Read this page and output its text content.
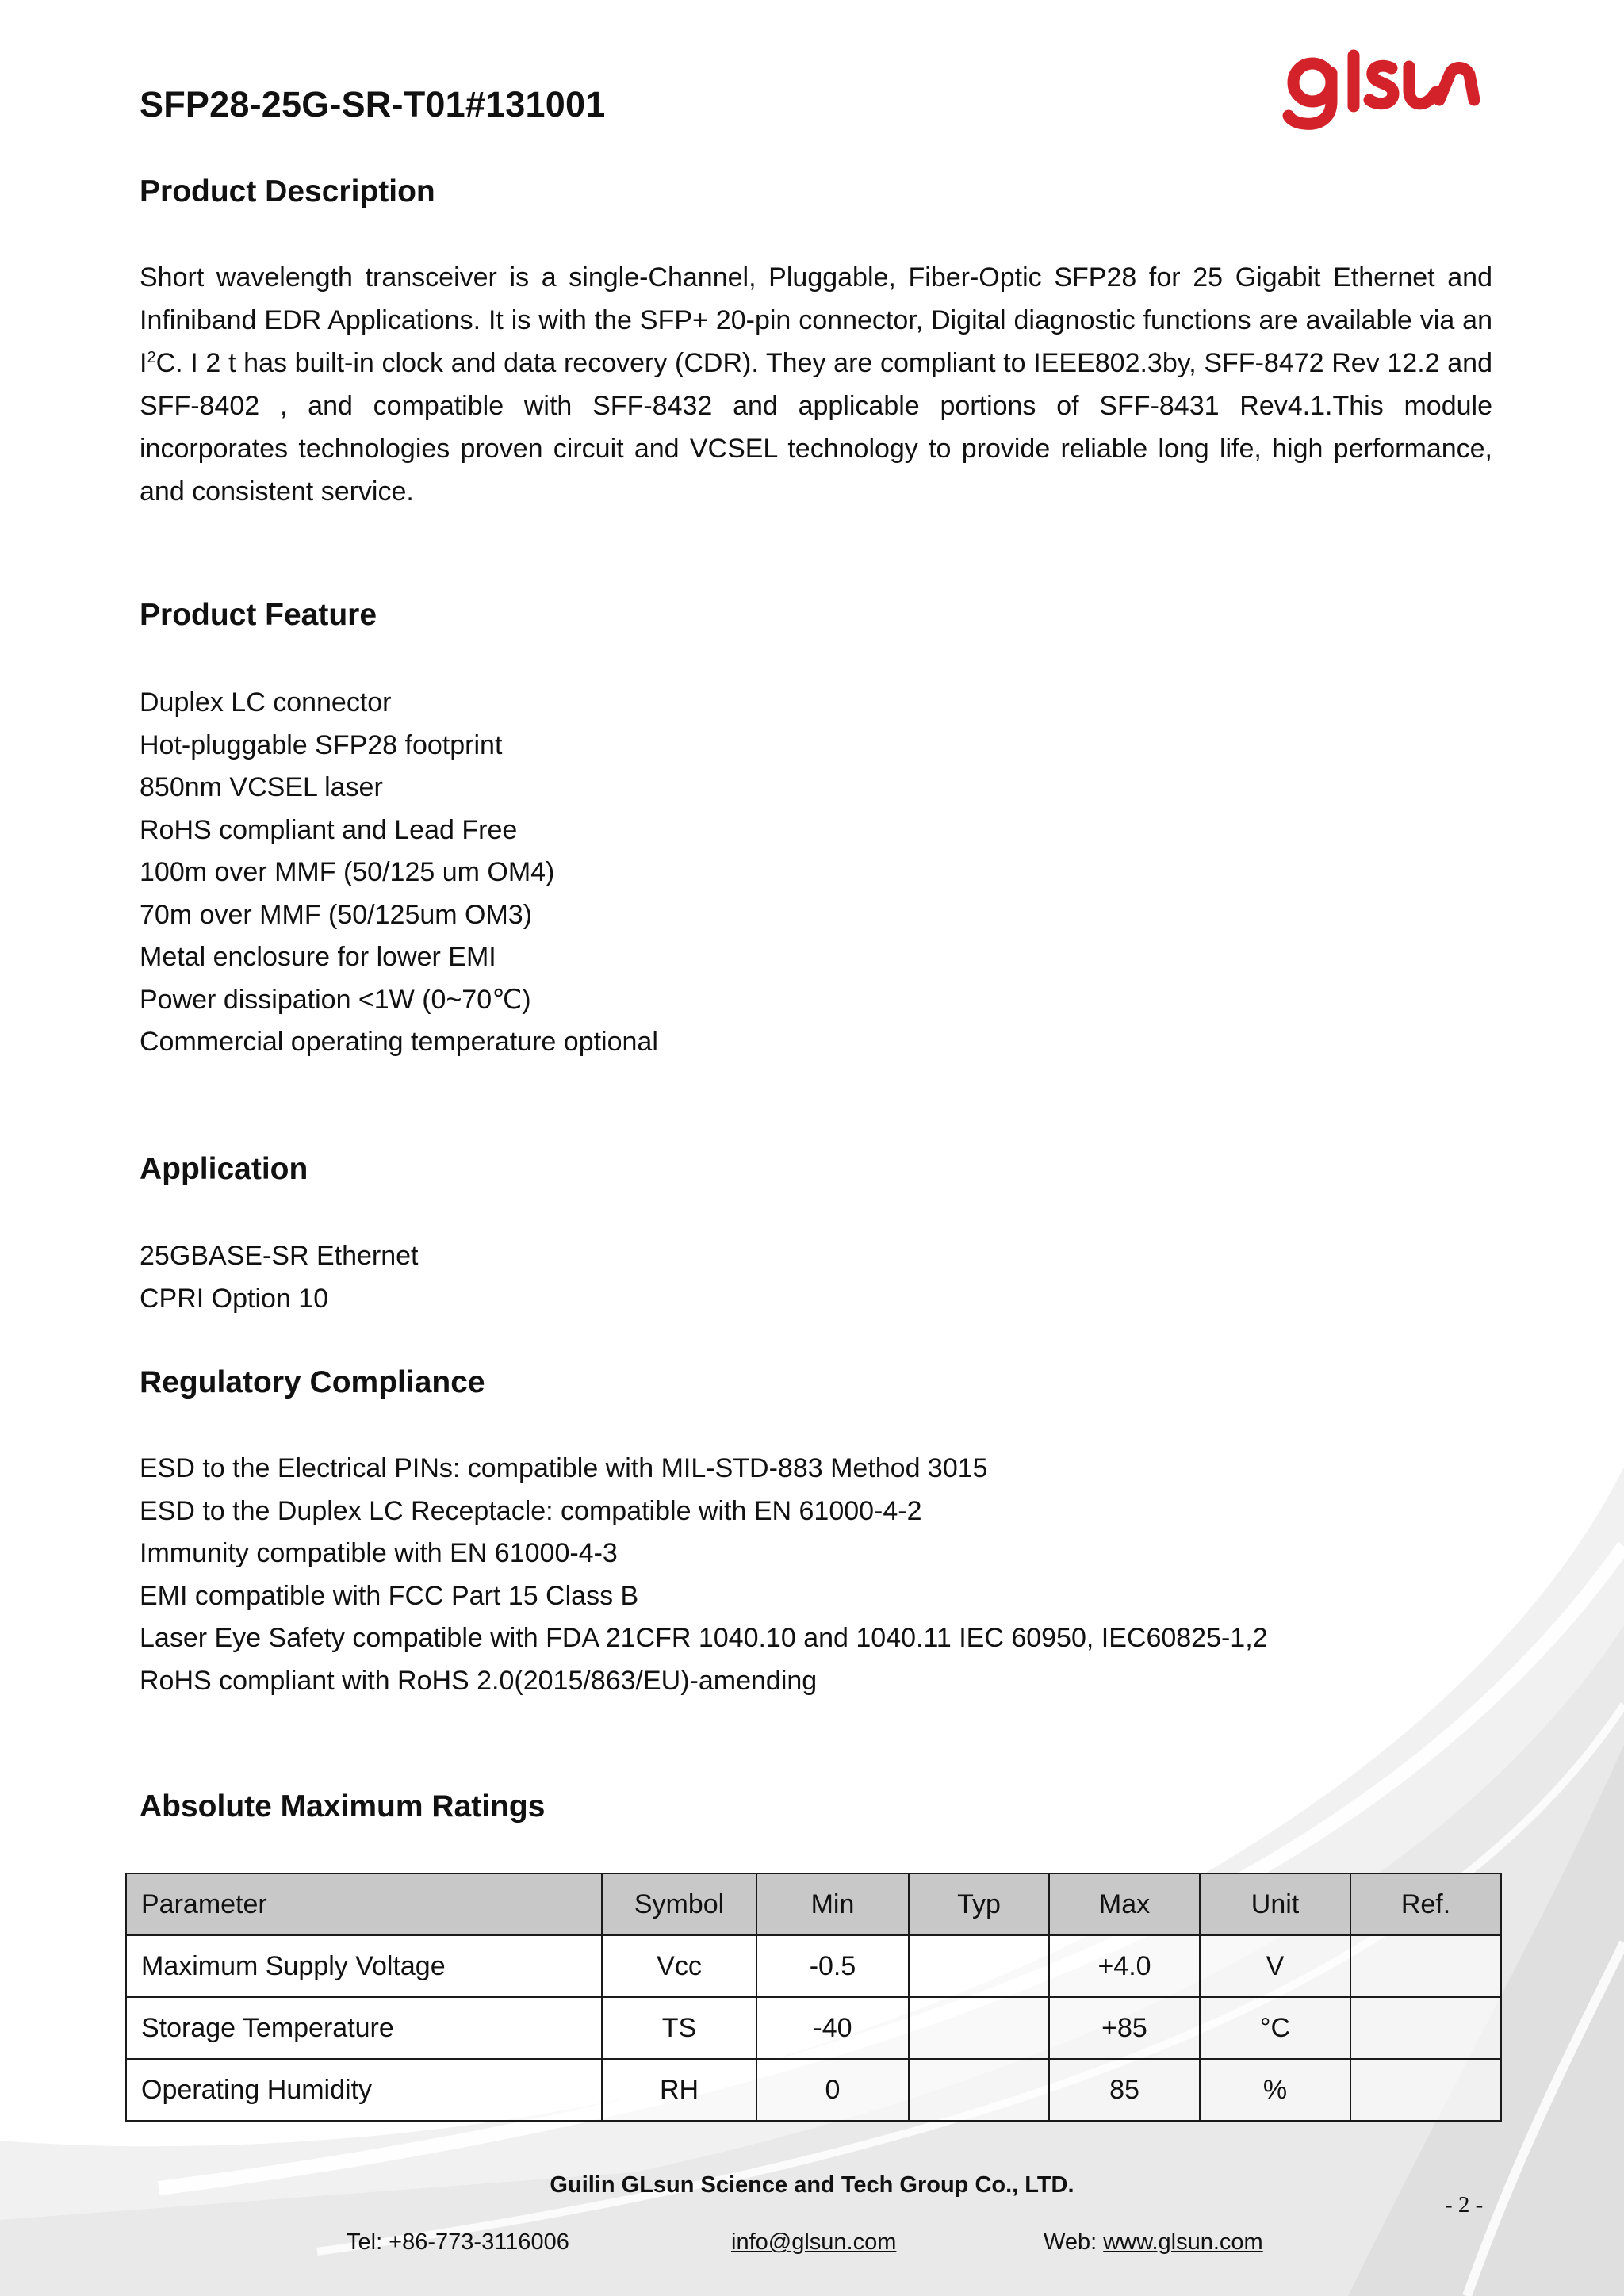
SFP28-25G-SR-T01#131001
Product Description

Short wavelength transceiver is a single-Channel, Pluggable, Fiber-Optic SFP28 for 25 Gigabit Ethernet and Infiniband EDR Applications. It is with the SFP+ 20-pin connector, Digital diagnostic functions are available via an $I^2C$. I 2 t has built-in clock and data recovery (CDR). They are compliant to IEEE802.3by, SFF-8472 Rev 12.2 and SFF-8402 , and compatible with SFF-8432 and applicable portions of SFF-8431 Rev4.1.This module incorporates technologies proven circuit and VCSEL technology to provide reliable long life, high performance, and consistent service.

Product Feature
Duplex LC connector
Hot-pluggable SFP28 footprint
850nm VCSEL laser
RoHS compliant and Lead Free
100m over MMF (50/125 um OM4)
70m over MMF (50/125um OM3)
Metal enclosure for lower EMI
Power dissipation <1W (0~70℃)
Commercial operating temperature optional
Application
25GBASE-SR Ethernet
CPRI Option 10
Regulatory Compliance
ESD to the Electrical PINs: compatible with MIL-STD-883 Method 3015
ESD to the Duplex LC Receptacle: compatible with EN 61000-4-2
Immunity compatible with EN 61000-4-3
EMI compatible with FCC Part 15 Class B
Laser Eye Safety compatible with FDA 21CFR 1040.10 and 1040.11 IEC 60950, IEC60825-1,2
RoHS compliant with RoHS 2.0(2015/863/EU)-amending
Absolute Maximum Ratings
Parameter	Symbol	Min	Typ	Max	Unit	Ref.
Maximum Supply Voltage	Vcc	-0.5		+4.0	V	
Storage Temperature	TS	-40		+85	°C	
Operating Humidity	RH	0		85	%	
Guilin GLsun Science and Tech Group Co., LTD.
- 2 -
Tel: +86-773-3116006	info@glsun.com	Web: www.glsun.com
